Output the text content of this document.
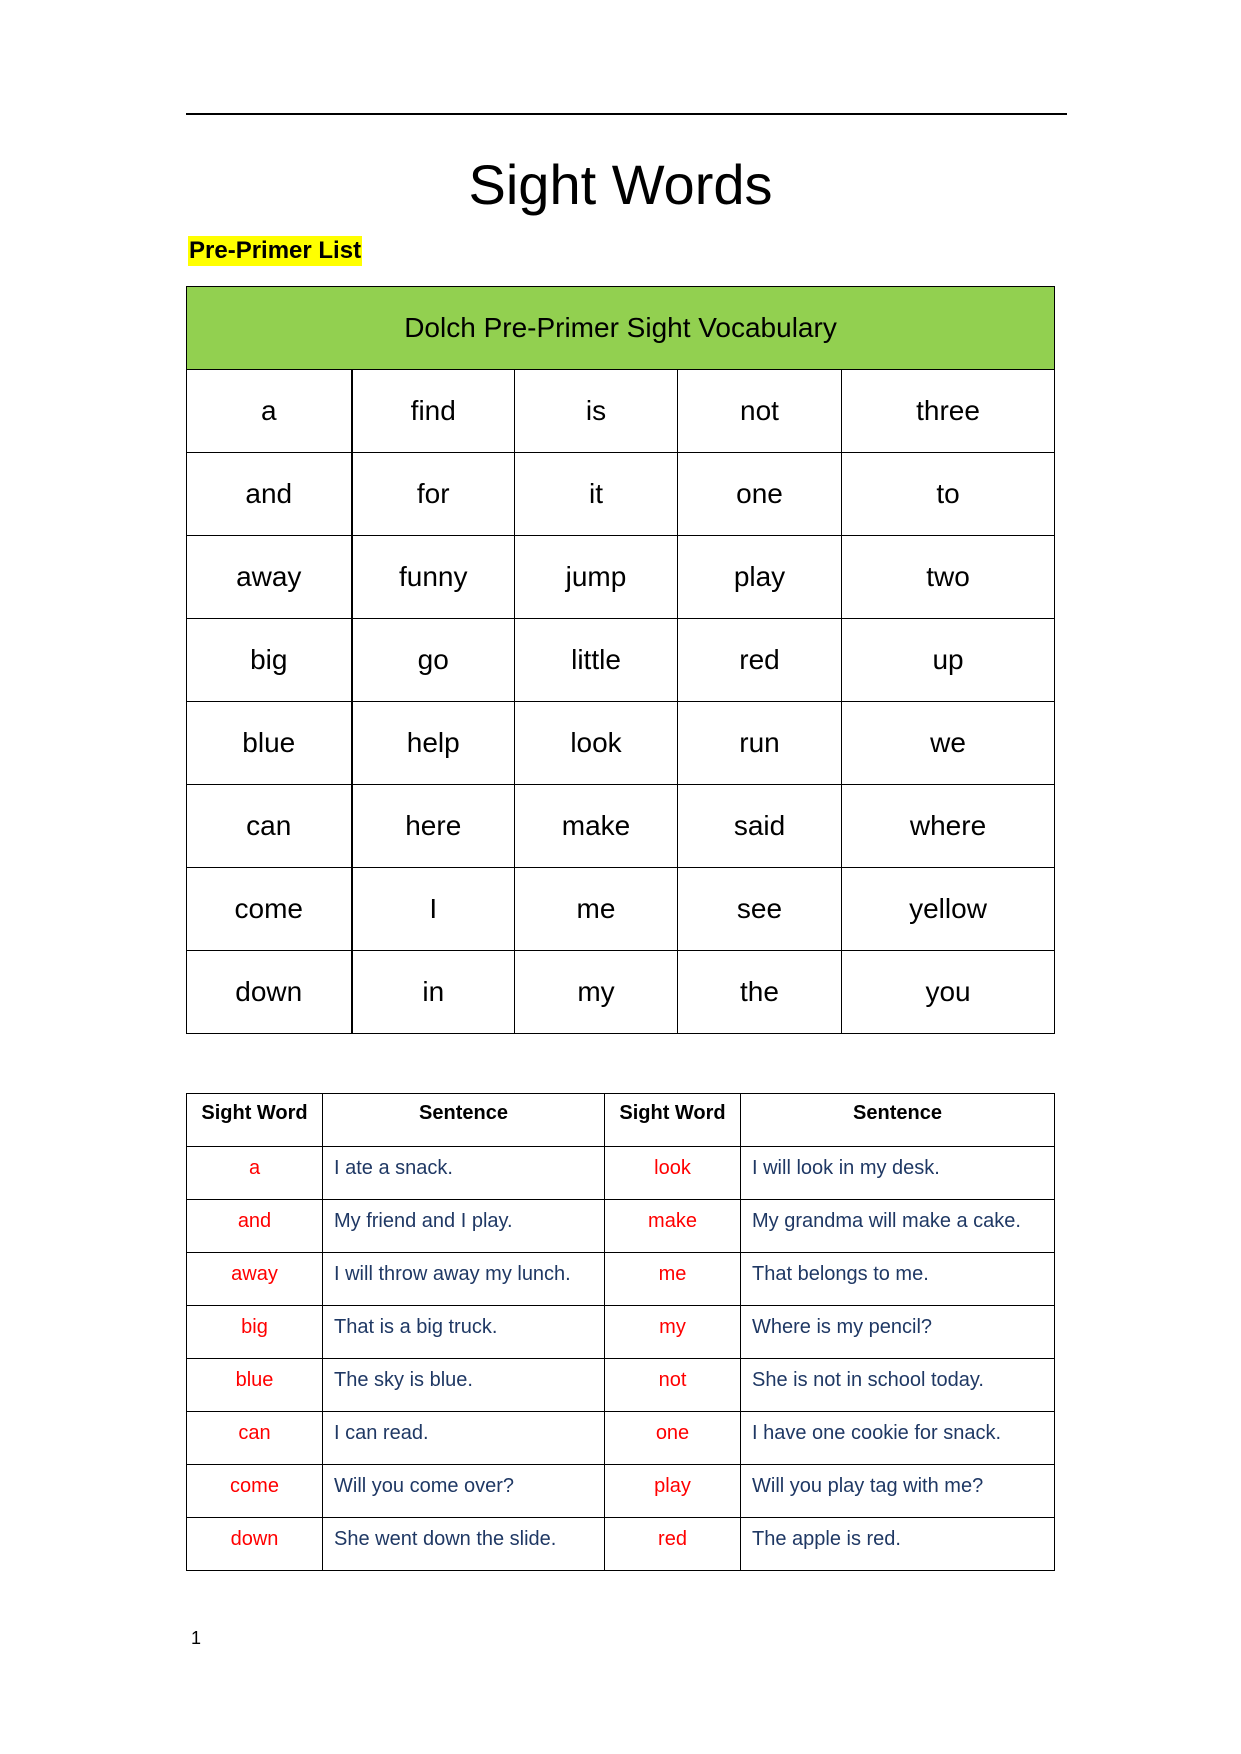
Sight Words
Pre-Primer List
Dolch Pre-Primer Sight Vocabulary				
a	find	is	not	three
and	for	it	one	to
away	funny	jump	play	two
big	go	little	red	up
blue	help	look	run	we
can	here	make	said	where
come	I	me	see	yellow
down	in	my	the	you
Sight Word	Sentence	Sight Word	Sentence
a	I ate a snack.	look	I will look in my desk.
and	My friend and I play.	make	My grandma will make a cake.
away	I will throw away my lunch.	me	That belongs to me.
big	That is a big truck.	my	Where is my pencil?
blue	The sky is blue.	not	She is not in school today.
can	I can read.	one	I have one cookie for snack.
come	Will you come over?	play	Will you play tag with me?
down	She went down the slide.	red	The apple is red.
1
